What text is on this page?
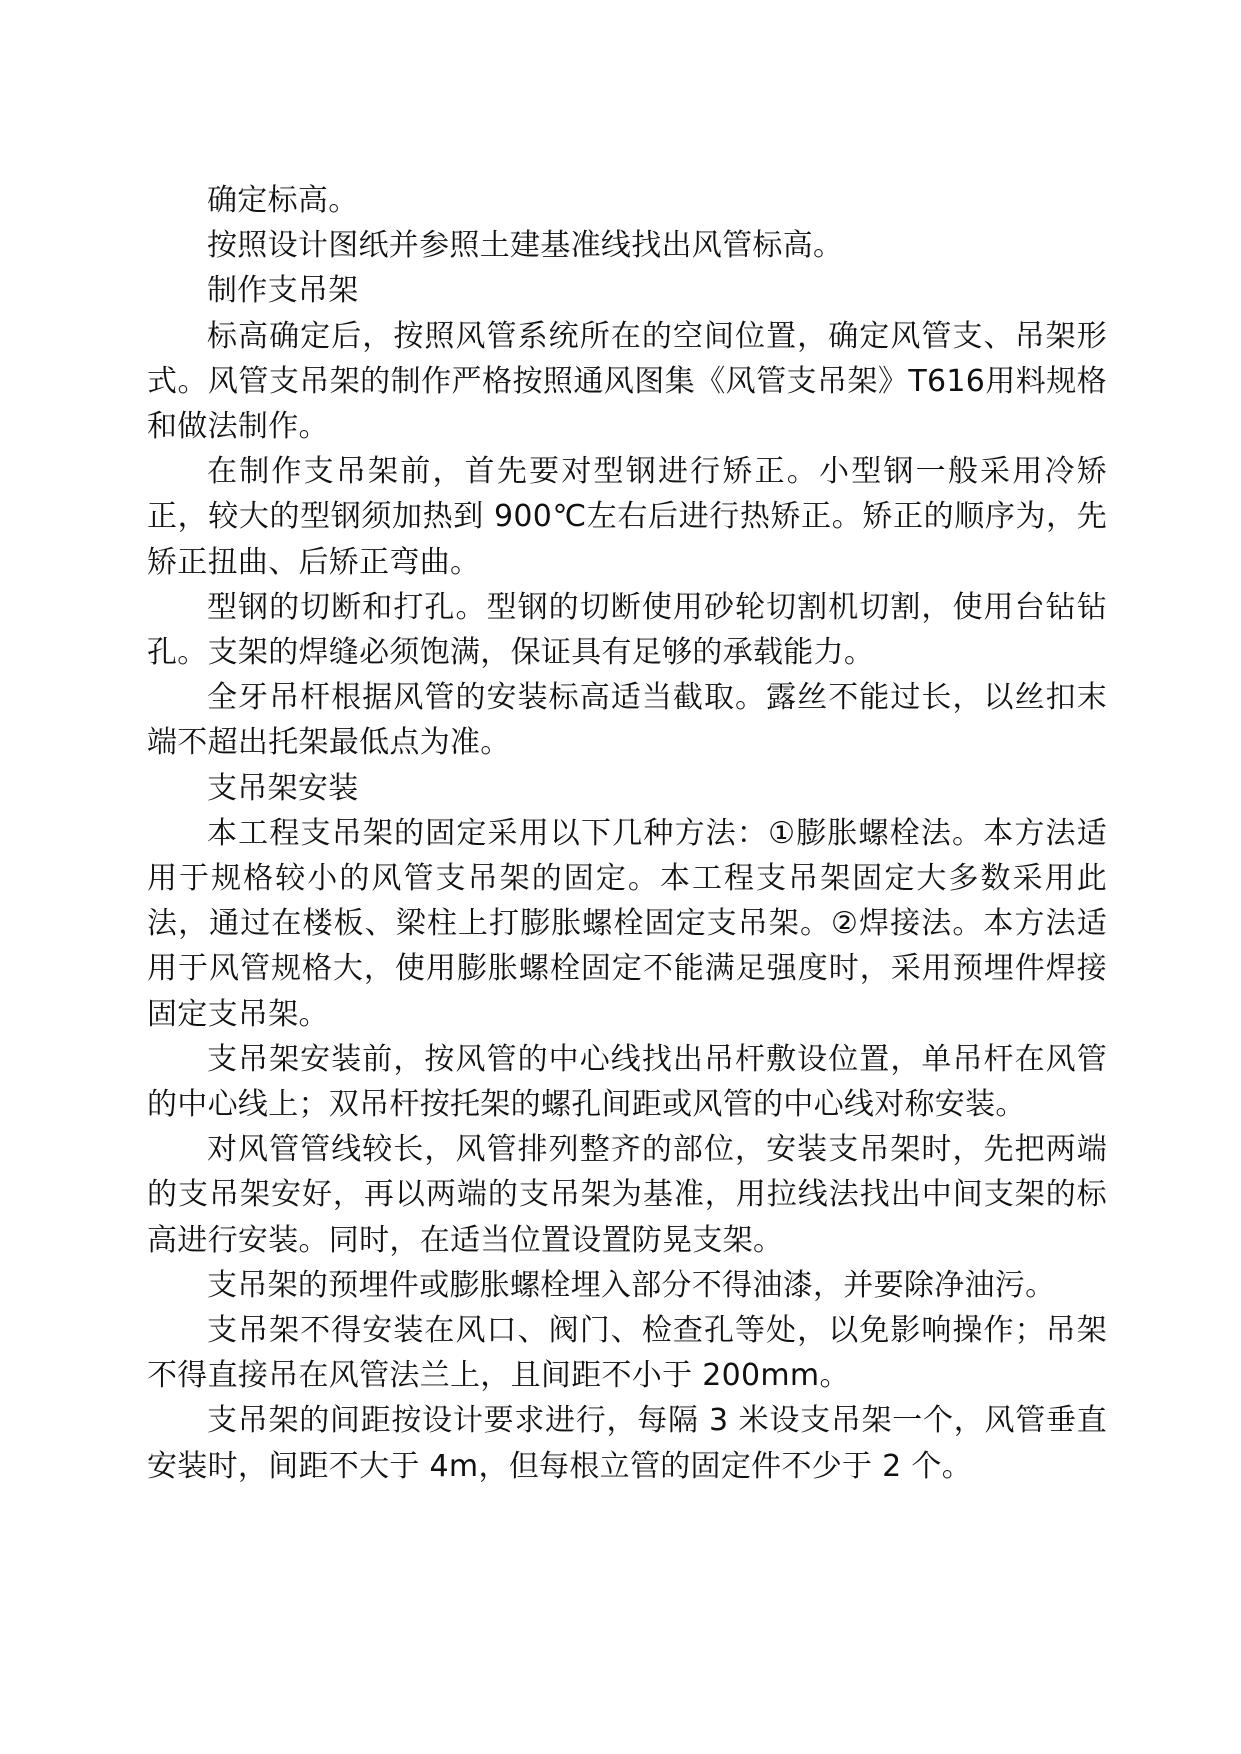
确定标高。

按照设计图纸并参照土建基准线找出风管标高。

制作支吊架

标高确定后，按照风管系统所在的空间位置，确定风管支、吊架形式。风管支吊架的制作严格按照通风图集《风管支吊架》T616用料规格和做法制作。

在制作支吊架前，首先要对型钢进行矫正。小型钢一般采用冷矫正，较大的型钢须加热到 900℃左右后进行热矫正。矫正的顺序为，先矫正扭曲、后矫正弯曲。

型钢的切断和打孔。型钢的切断使用砂轮切割机切割，使用台钻钻孔。支架的焊缝必须饱满，保证具有足够的承载能力。

全牙吊杆根据风管的安装标高适当截取。露丝不能过长，以丝扣末端不超出托架最低点为准。

支吊架安装

本工程支吊架的固定采用以下几种方法：①膨胀螺栓法。本方法适用于规格较小的风管支吊架的固定。本工程支吊架固定大多数采用此法，通过在楼板、梁柱上打膨胀螺栓固定支吊架。②焊接法。本方法适用于风管规格大，使用膨胀螺栓固定不能满足强度时，采用预埋件焊接固定支吊架。

支吊架安装前，按风管的中心线找出吊杆敷设位置，单吊杆在风管的中心线上；双吊杆按托架的螺孔间距或风管的中心线对称安装。

对风管管线较长，风管排列整齐的部位，安装支吊架时，先把两端的支吊架安好，再以两端的支吊架为基准，用拉线法找出中间支架的标高进行安装。同时，在适当位置设置防晃支架。

支吊架的预埋件或膨胀螺栓埋入部分不得油漆，并要除净油污。

支吊架不得安装在风口、阀门、检查孔等处，以免影响操作；吊架不得直接吊在风管法兰上，且间距不小于 200mm。

支吊架的间距按设计要求进行，每隔 3 米设支吊架一个，风管垂直安装时，间距不大于 4m，但每根立管的固定件不少于 2 个。
